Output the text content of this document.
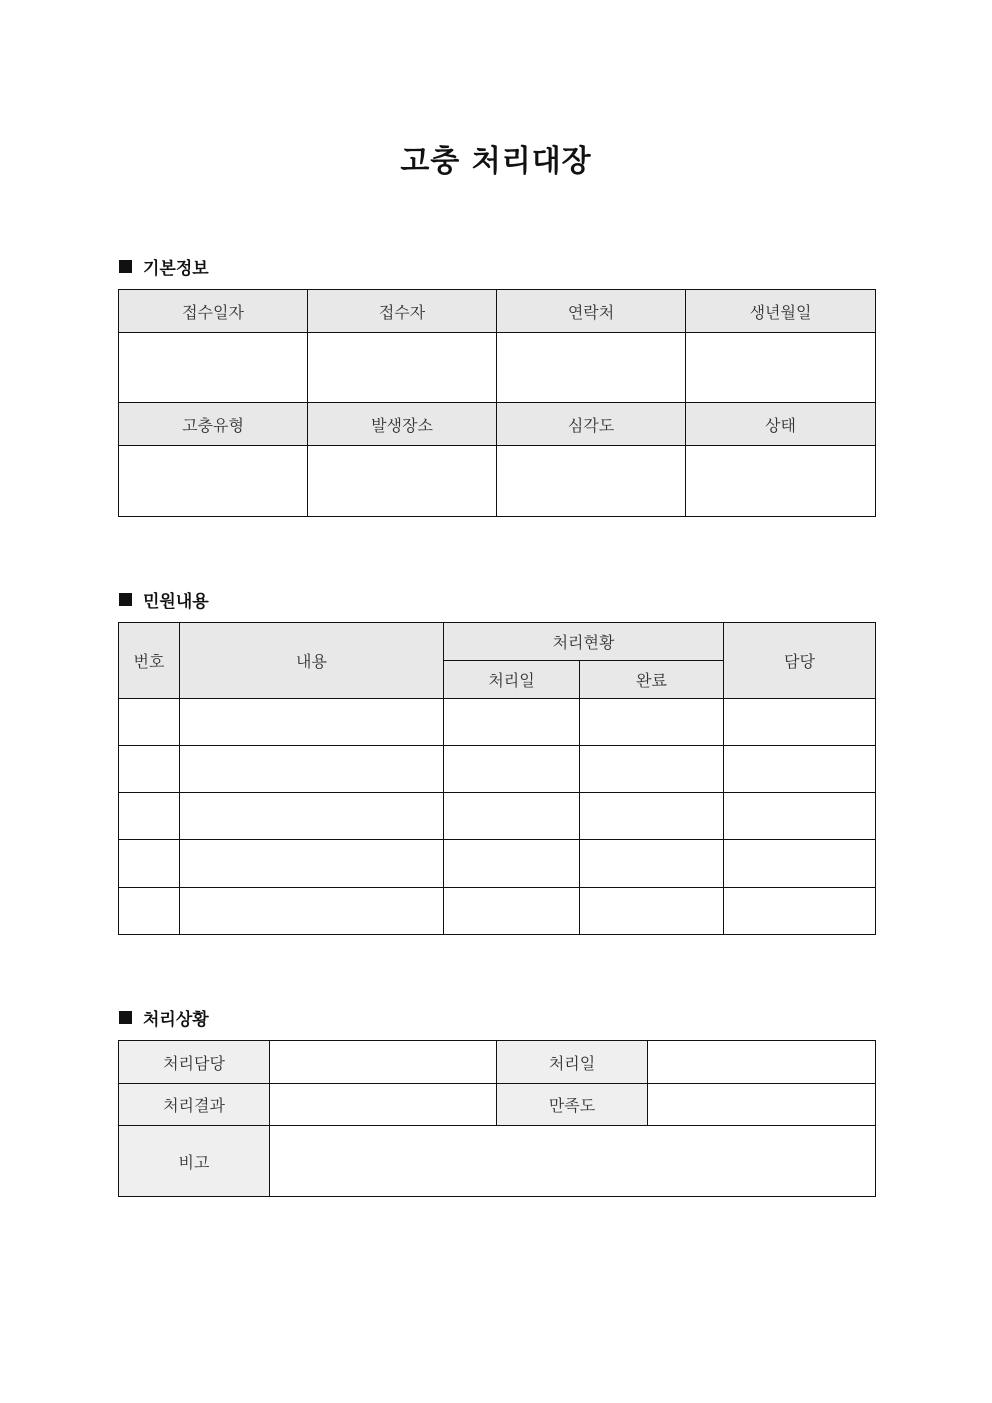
고충 처리대장
기본정보
접수일자	접수자	연락처	생년월일

고충유형	발생장소	심각도	상태

민원내용
번호	내용	처리현황		담당
		처리일	완료	

처리상황
처리담당		처리일	
처리결과		만족도	
비고			
